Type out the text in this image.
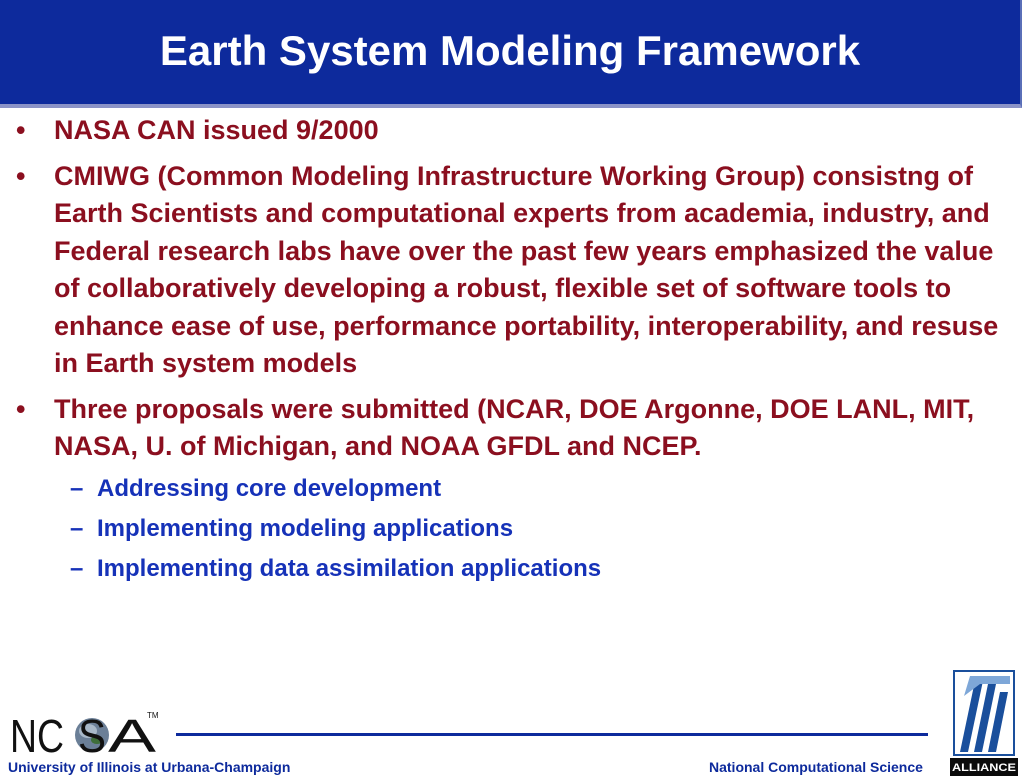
Earth System Modeling Framework
• NASA CAN issued 9/2000
• CMIWG (Common Modeling Infrastructure Working Group) consistng of Earth Scientists and computational experts from academia, industry, and Federal research labs have over the past few years emphasized the value of collaboratively developing a robust, flexible set of software tools to enhance ease of use, performance portability, interoperability, and resuse in Earth system models
• Three proposals were submitted (NCAR, DOE Argonne, DOE LANL, MIT, NASA, U. of Michigan, and NOAA GFDL and NCEP.
– Addressing core development
– Implementing modeling applications
– Implementing data assimilation applications
NC S A
TM
University of Illinois at Urbana-Champaign	National Computational Science	ALLIANCE
